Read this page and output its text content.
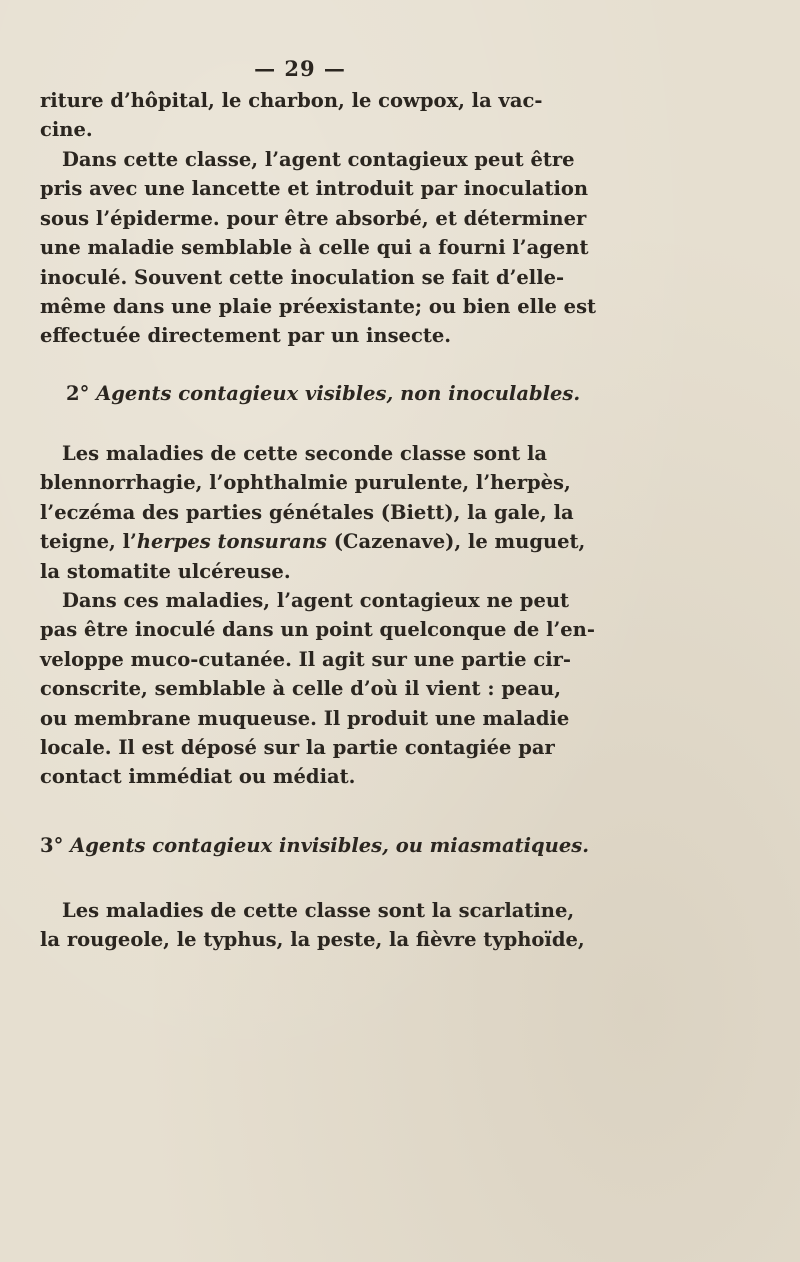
— 29 —
riture d’hôpital, le charbon, le cowpox, la vac-
cine.
Dans cette classe, l’agent contagieux peut être
pris avec une lancette et introduit par inoculation
sous l’épiderme. pour être absorbé, et déterminer
une maladie semblable à celle qui a fourni l’agent
inoculé. Souvent cette inoculation se fait d’elle-
même dans une plaie préexistante; ou bien elle est
effectuée directement par un insecte.
2° Agents contagieux visibles, non inoculables.
Les maladies de cette seconde classe sont la
blennorrhagie, l’ophthalmie purulente, l’herpès,
l’eczéma des parties génétales (Biett), la gale, la
teigne, l’herpes tonsurans (Cazenave), le muguet,
la stomatite ulcéreuse.
Dans ces maladies, l’agent contagieux ne peut
pas être inoculé dans un point quelconque de l’en-
veloppe muco-cutanée. Il agit sur une partie cir-
conscrite, semblable à celle d’où il vient : peau,
ou membrane muqueuse. Il produit une maladie
locale. Il est déposé sur la partie contagiée par
contact immédiat ou médiat.
3° Agents contagieux invisibles, ou miasmatiques.
Les maladies de cette classe sont la scarlatine,
la rougeole, le typhus, la peste, la fièvre typhoïde,
